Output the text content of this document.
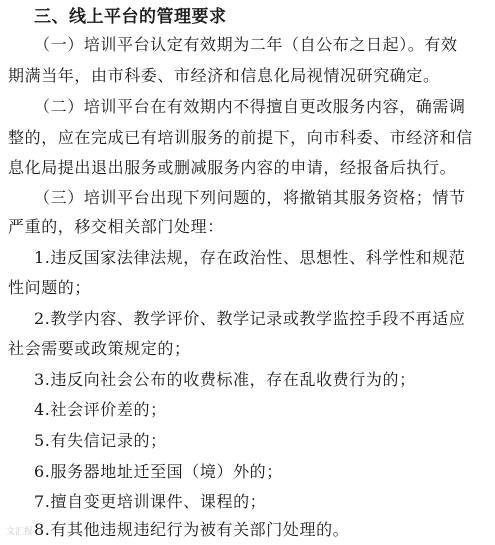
三、线上平台的管理要求
（一）培训平台认定有效期为二年（自公布之日起）。有效
期满当年，由市科委、市经济和信息化局视情况研究确定。
（二）培训平台在有效期内不得擅自更改服务内容，确需调
整的，应在完成已有培训服务的前提下，向市科委、市经济和信
息化局提出退出服务或删减服务内容的申请，经报备后执行。
（三）培训平台出现下列问题的，将撤销其服务资格；情节
严重的，移交相关部门处理：
1.违反国家法律法规，存在政治性、思想性、科学性和规范
性问题的；
2.教学内容、教学评价、教学记录或教学监控手段不再适应
社会需要或政策规定的；
3.违反向社会公布的收费标准，存在乱收费行为的；
4.社会评价差的；
5.有失信记录的；
6.服务器地址迁至国（境）外的；
7.擅自变更培训课件、课程的；
8.有其他违规违纪行为被有关部门处理的。
文汇报
